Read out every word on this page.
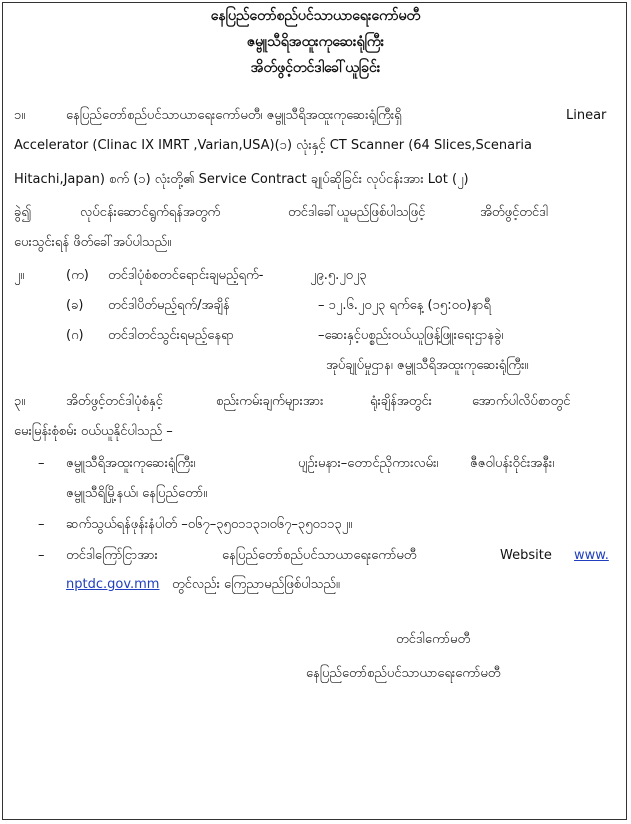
နေပြည်တော်စည်ပင်သာယာရေးကော်မတီ
ဇမ္ဗူသီရိအထူးကုဆေးရုံကြီး
အိတ်ဖွင့်တင်ဒါခေါ်ယူခြင်း
၁။	နေပြည်တော်စည်ပင်သာယာရေးကော်မတီ၊ ဇမ္ဗူသီရိအထူးကုဆေးရုံကြီးရှိ	Linear
Accelerator (Clinac IX IMRT ,Varian,USA)(၁) လုံးနှင့် CT Scanner (64 Slices,Scenaria
Hitachi,Japan) စက် (၁) လုံးတို့၏ Service Contract ချုပ်ဆိုခြင်း လုပ်ငန်းအား Lot (၂)
ခွဲ၍	လုပ်ငန်းဆောင်ရွက်ရန်အတွက်	တင်ဒါခေါ်ယူမည်ဖြစ်ပါသဖြင့်	အိတ်ဖွင့်တင်ဒါ
ပေးသွင်းရန် ဖိတ်ခေါ်အပ်ပါသည်။
၂။	(က) တင်ဒါပုံစံစတင်ရောင်းချမည့်ရက်-	၂၉.၅.၂၀၂၃
(ခ) တင်ဒါပိတ်မည့်ရက်/အချိန်	– ၁၂.၆.၂၀၂၃ ရက်နေ့ (၁၅:၀၀)နာရီ
(ဂ) တင်ဒါတင်သွင်းရမည့်နေရာ	–ဆေးနှင့်ပစ္စည်းဝယ်ယူဖြန့်ဖြူးရေးဌာနခွဲ၊
အုပ်ချုပ်မှုဌာန၊ ဇမ္ဗူသီရိအထူးကုဆေးရုံကြီး။
၃။	အိတ်ဖွင့်တင်ဒါပုံစံနှင့်	စည်းကမ်းချက်များအား	ရုံးချိန်အတွင်း	အောက်ပါလိပ်စာတွင်
မေးမြန်းစုံစမ်း ဝယ်ယူနိုင်ပါသည် –
– ဇမ္ဗူသီရိအထူးကုဆေးရုံကြီး၊	ပျဉ်းမနား–တောင်ညိုကားလမ်း၊ ဇီဇဝါပန်းဝိုင်းအနီး၊
ဇမ္ဗူသီရိမြို့နယ်၊ နေပြည်တော်။
– ဆက်သွယ်ရန်ဖုန်းနံပါတ် –၀၆၇–၃၅၀၁၁၃၁၊၀၆၇–၃၅၀၁၁၃၂။
– တင်ဒါကြော်ငြာအား	နေပြည်တော်စည်ပင်သာယာရေးကော်မတီ	Website www.
nptdc.gov.mm တွင်လည်း ကြေညာမည်ဖြစ်ပါသည်။
တင်ဒါကော်မတီ
နေပြည်တော်စည်ပင်သာယာရေးကော်မတီ
